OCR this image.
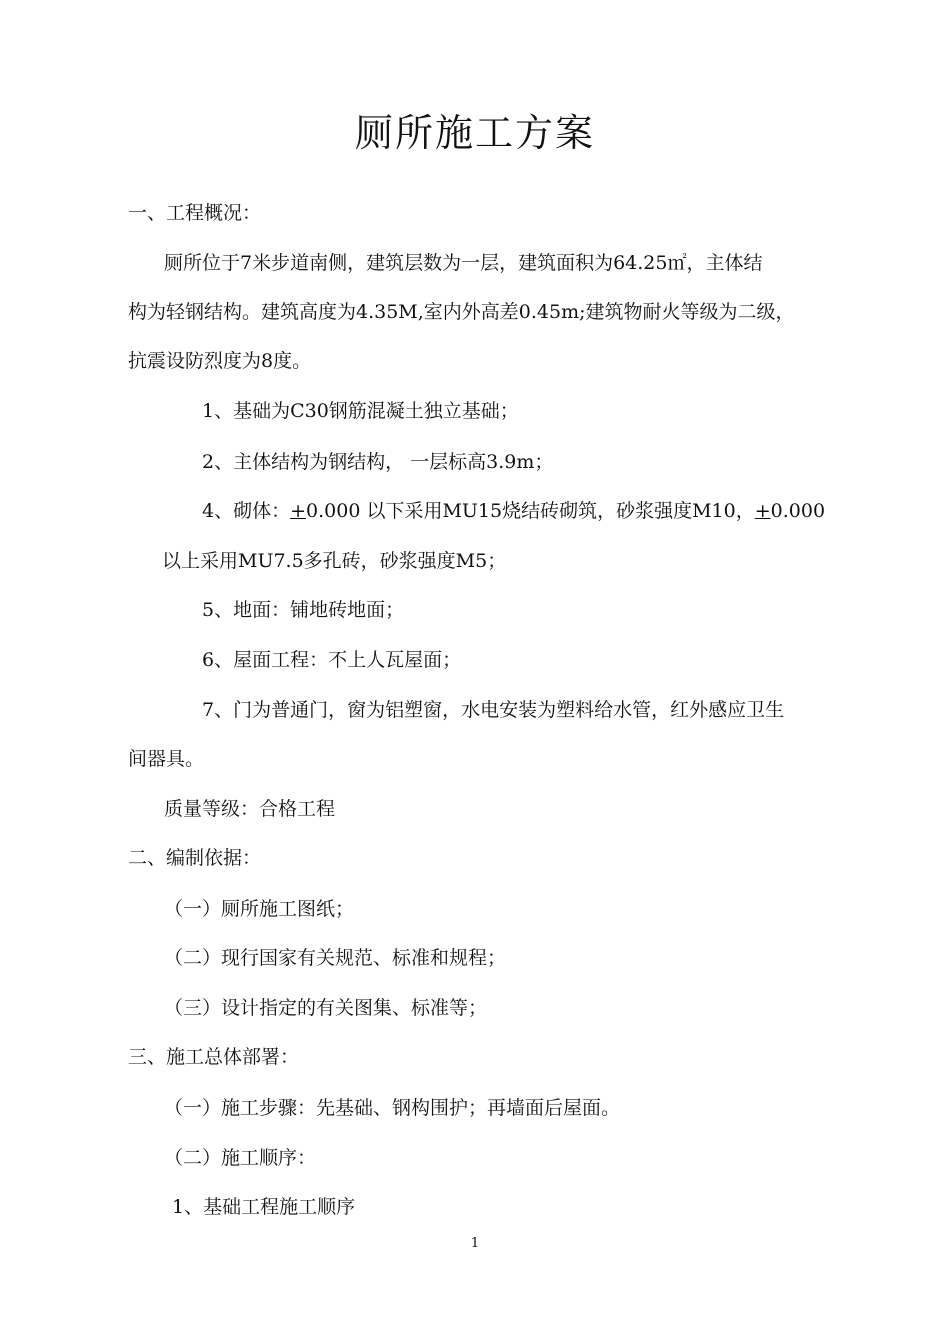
厕所施工方案
一、工程概况：
厕所位于7米步道南侧，建筑层数为一层，建筑面积为64.25㎡，主体结
构为轻钢结构。建筑高度为4.35M,室内外高差0.45m;建筑物耐火等级为二级，
抗震设防烈度为8度。
1、基础为C30钢筋混凝土独立基础；
2、主体结构为钢结构， 一层标高3.9m；
4、砌体：+0.000 以下采用MU15烧结砖砌筑，砂浆强度M10，+0.000
以上采用MU7.5多孔砖，砂浆强度M5；
5、地面：铺地砖地面；
6、屋面工程：不上人瓦屋面；
7、门为普通门，窗为铝塑窗，水电安装为塑料给水管，红外感应卫生
间器具。
质量等级：合格工程
二、编制依据：
（一）厕所施工图纸；
（二）现行国家有关规范、标准和规程；
（三）设计指定的有关图集、标准等；
三、施工总体部署：
（一）施工步骤：先基础、钢构围护；再墙面后屋面。
（二）施工顺序：
1、基础工程施工顺序
1
